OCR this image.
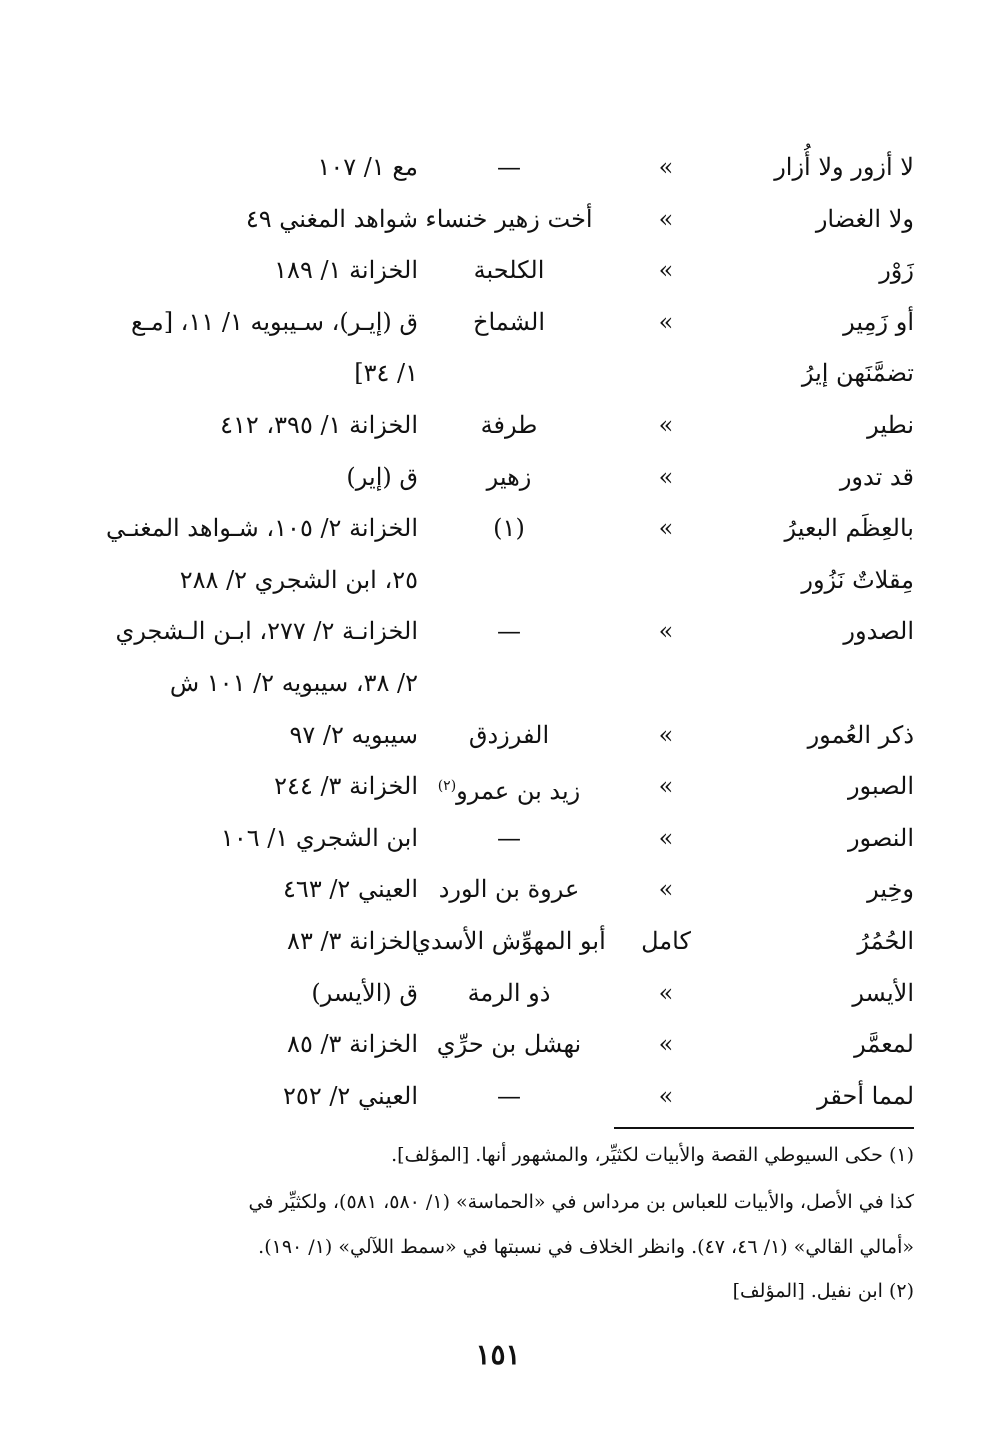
لا أزور ولا أُزار
»
—
مع ١/ ١٠٧
ولا الغضار
»
أخت زهير خنساء
شواهد المغني ٤٩
زَوْر
»
الكلحبة
الخزانة ١/ ١٨٩
أو زَمِير
»
الشماخ
ق (إيـر)، سـيبويه ١/ ١١، [مـع
تضمَّنَهن إيرُ
١/ ٣٤]
نطير
»
طرفة
الخزانة ١/ ٣٩٥، ٤١٢
قد تدور
»
زهير
ق (إير)
بالعِظَم البعيرُ
»
(١)
الخزانة ٢/ ١٠٥، شـواهد المغنـي
مِقلاتٌ نَزُور
٢٥، ابن الشجري ٢/ ٢٨٨
الصدور
»
—
الخزانـة ٢/ ٢٧٧، ابـن الـشجري
٢/ ٣٨، سيبويه ٢/ ١٠١ ش
ذكر العُمور
»
الفرزدق
سيبويه ٢/ ٩٧
الصبور
»
زيد بن عمرو$^{(٢)}$
الخزانة ٣/ ٢٤٤
النصور
»
—
ابن الشجري ١/ ١٠٦
وخِير
»
عروة بن الورد
العيني ٢/ ٤٦٣
الحُمُرُ
كامل
أبو المهوِّش الأسدي
الخزانة ٣/ ٨٣
الأيسر
»
ذو الرمة
ق (الأيسر)
لمعمَّر
»
نهشل بن حرِّي
الخزانة ٣/ ٨٥
لمما أحقر
»
—
العيني ٢/ ٢٥٢
(١) حكى السيوطي القصة والأبيات لكثيِّر، والمشهور أنها. [المؤلف].
كذا في الأصل، والأبيات للعباس بن مرداس في «الحماسة» (١/ ٥٨٠، ٥٨١)، ولكثيِّر في
«أمالي القالي» (١/ ٤٦، ٤٧). وانظر الخلاف في نسبتها في «سمط اللآلي» (١/ ١٩٠).
(٢) ابن نفيل. [المؤلف]
١٥١
